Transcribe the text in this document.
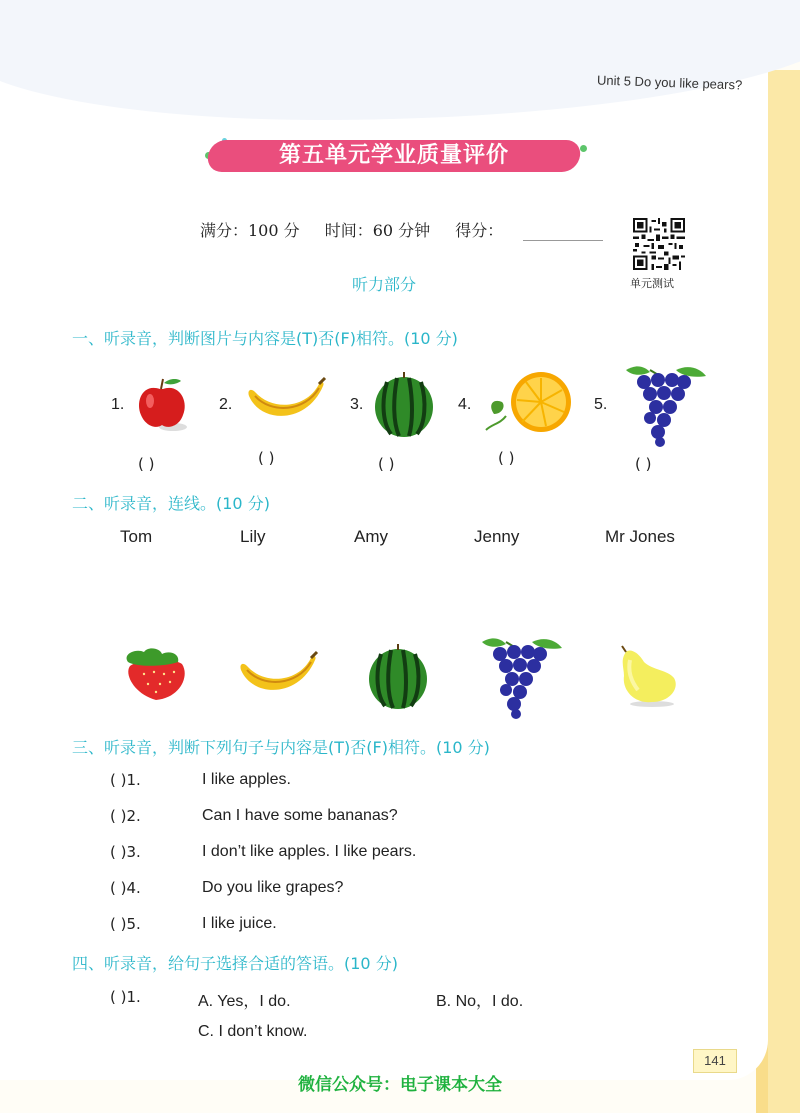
Unit 5 Do you like pears?
第五单元学业质量评价
满分：100 分 时间：60 分钟 得分：
单元测试
听力部分
一、听录音，判断图片与内容是(T)否(F)相符。(10 分)
1.
( )
2.
( )
3.
( )
4.
( )
5.
( )
二、听录音，连线。(10 分)
Tom	Lily	Amy	Jenny	Mr Jones
三、听录音，判断下列句子与内容是(T)否(F)相符。(10 分)
( )1.	I like apples.
( )2.	Can I have some bananas?
( )3.	I don’t like apples. I like pears.
( )4.	Do you like grapes?
( )5.	I like juice.
四、听录音，给句子选择合适的答语。(10 分)
( )1.	A. Yes，I do.	B. No，I do.
C. I don’t know.
141
微信公众号：电子课本大全
